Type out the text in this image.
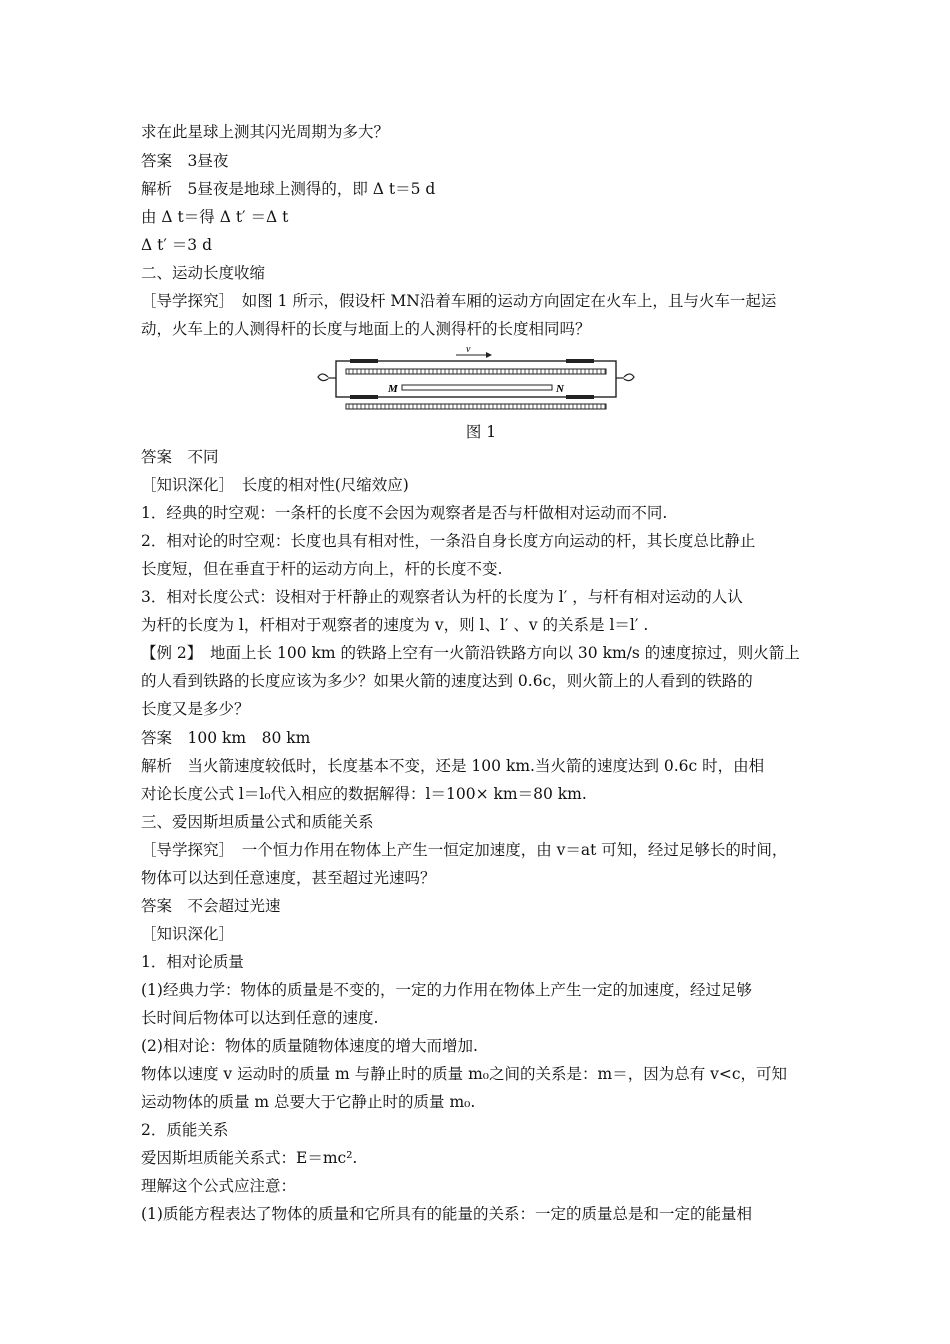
求在此星球上测其闪光周期为多大？
答案　3昼夜
解析　5昼夜是地球上测得的，即 Δ t＝5 d
由 Δ t＝得 Δ t′ ＝Δ t
Δ t′ ＝3 d
二、运动长度收缩
［导学探究］　如图 1 所示，假设杆 MN沿着车厢的运动方向固定在火车上，且与火车一起运
动，火车上的人测得杆的长度与地面上的人测得杆的长度相同吗？
答案　不同
［知识深化］　长度的相对性(尺缩效应)
1．经典的时空观：一条杆的长度不会因为观察者是否与杆做相对运动而不同.
2．相对论的时空观：长度也具有相对性，一条沿自身长度方向运动的杆，其长度总比静止
长度短，但在垂直于杆的运动方向上，杆的长度不变.
3．相对长度公式：设相对于杆静止的观察者认为杆的长度为 l′ ，与杆有相对运动的人认
为杆的长度为 l，杆相对于观察者的速度为 v，则 l、l′ 、v 的关系是 l＝l′ .
【例 2】　地面上长 100 km 的铁路上空有一火箭沿铁路方向以 30 km/s 的速度掠过，则火箭上
的人看到铁路的长度应该为多少？如果火箭的速度达到 0.6c，则火箭上的人看到的铁路的
长度又是多少？
答案　100 km　80 km
解析　当火箭速度较低时，长度基本不变，还是 100 km.当火箭的速度达到 0.6c 时，由相
对论长度公式 l＝l₀代入相应的数据解得：l＝100× km＝80 km.
三、爱因斯坦质量公式和质能关系
［导学探究］　一个恒力作用在物体上产生一恒定加速度，由 v＝at 可知，经过足够长的时间，
物体可以达到任意速度，甚至超过光速吗？
答案　不会超过光速
［知识深化］
1．相对论质量
(1)经典力学：物体的质量是不变的，一定的力作用在物体上产生一定的加速度，经过足够
长时间后物体可以达到任意的速度.
(2)相对论：物体的质量随物体速度的增大而增加.
物体以速度 v 运动时的质量 m 与静止时的质量 m₀之间的关系是：m＝，因为总有 v<c，可知
运动物体的质量 m 总要大于它静止时的质量 m₀.
2．质能关系
爱因斯坦质能关系式：E＝mc².
理解这个公式应注意：
(1)质能方程表达了物体的质量和它所具有的能量的关系：一定的质量总是和一定的能量相
v
M	N
图 1
